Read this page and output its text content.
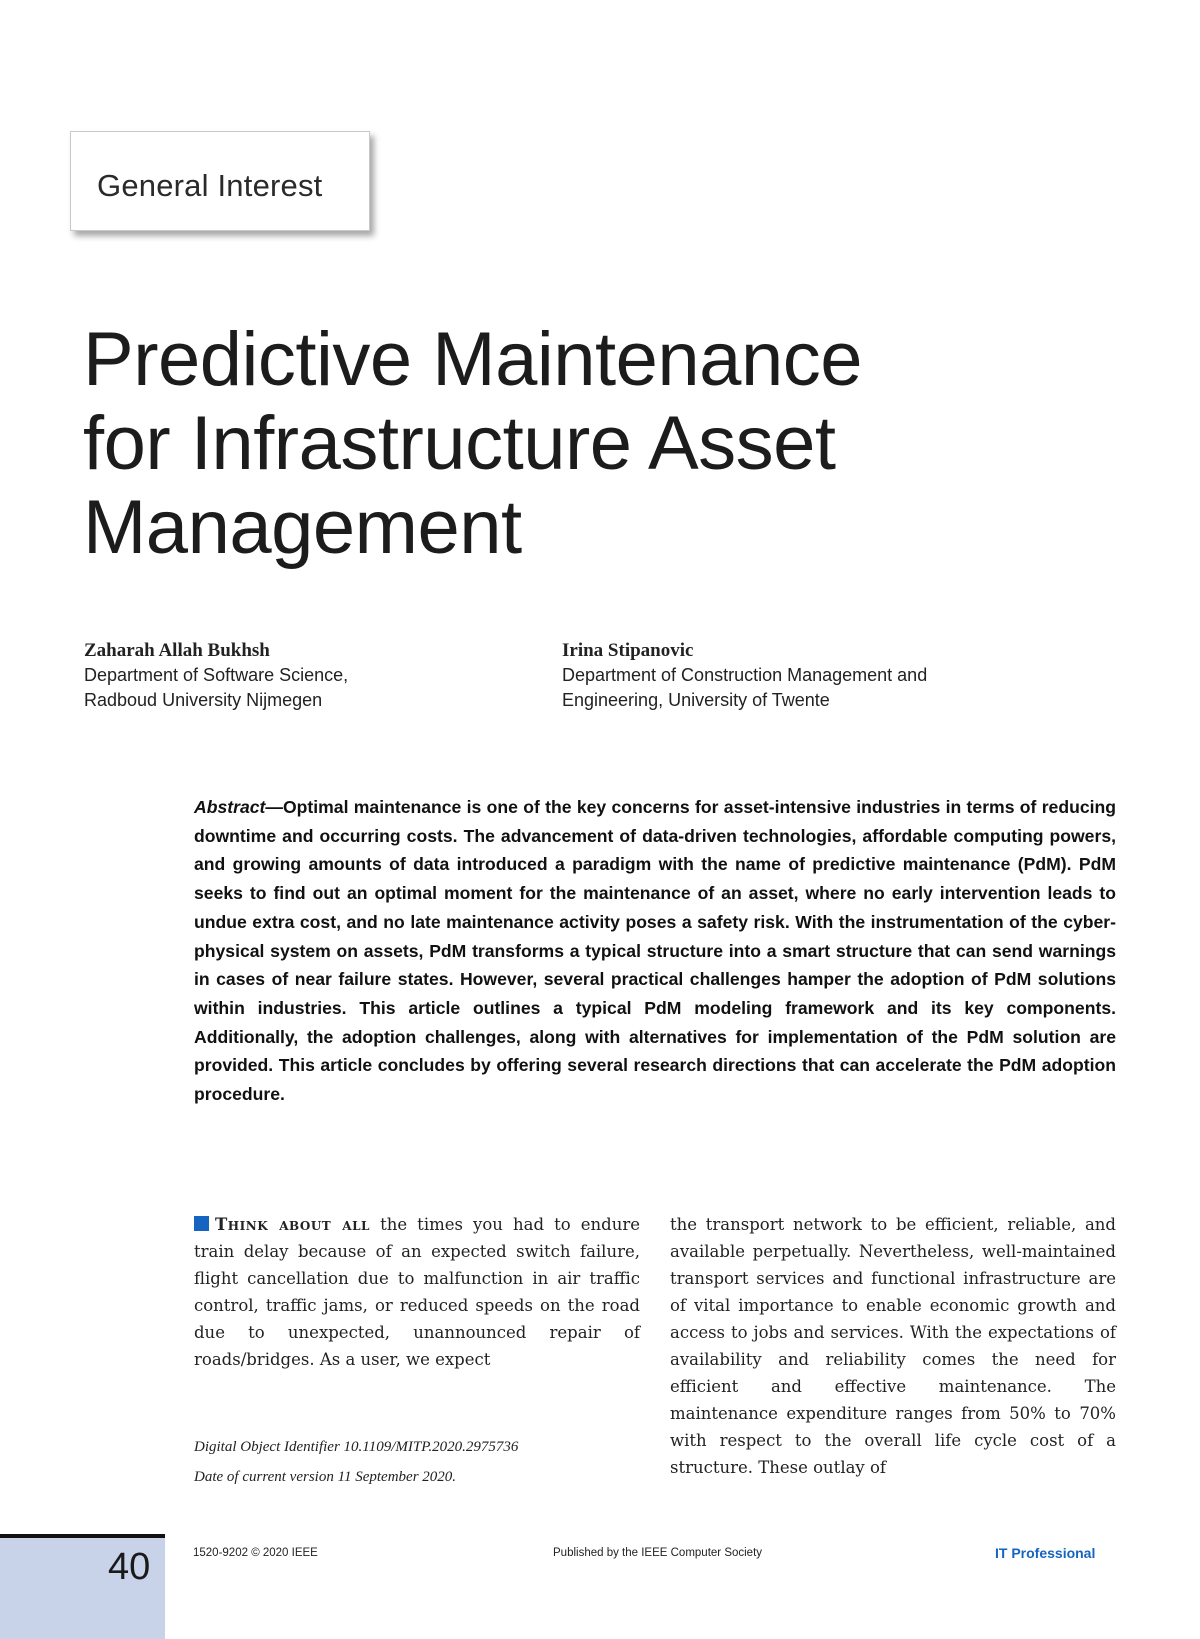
General Interest
Predictive Maintenance
for Infrastructure Asset
Management
Zaharah Allah Bukhsh
Department of Software Science,
Radboud University Nijmegen
Irina Stipanovic
Department of Construction Management and
Engineering, University of Twente

Abstract—Optimal maintenance is one of the key concerns for asset-intensive industries in terms of reducing downtime and occurring costs. The advancement of data-driven technologies, affordable computing powers, and growing amounts of data introduced a paradigm with the name of predictive maintenance (PdM). PdM seeks to find out an optimal moment for the maintenance of an asset, where no early intervention leads to undue extra cost, and no late maintenance activity poses a safety risk. With the instrumentation of the cyber-physical system on assets, PdM transforms a typical structure into a smart structure that can send warnings in cases of near failure states. However, several practical challenges hamper the adoption of PdM solutions within industries. This article outlines a typical PdM modeling framework and its key components. Additionally, the adoption challenges, along with alternatives for implementation of the PdM solution are provided. This article concludes by offering several research directions that can accelerate the PdM adoption procedure.

Think about all the times you had to endure train delay because of an expected switch failure, flight cancellation due to malfunction in air traffic control, traffic jams, or reduced speeds on the road due to unexpected, unannounced repair of roads/bridges. As a user, we expect

the transport network to be efficient, reliable, and available perpetually. Nevertheless, well-maintained transport services and functional infrastructure are of vital importance to enable economic growth and access to jobs and services. With the expectations of availability and reliability comes the need for efficient and effective maintenance. The maintenance expenditure ranges from 50% to 70% with respect to the overall life cycle cost of a structure. These outlay of

Digital Object Identifier 10.1109/MITP.2020.2975736
Date of current version 11 September 2020.
40	1520-9202 © 2020 IEEE	Published by the IEEE Computer Society	IT Professional
